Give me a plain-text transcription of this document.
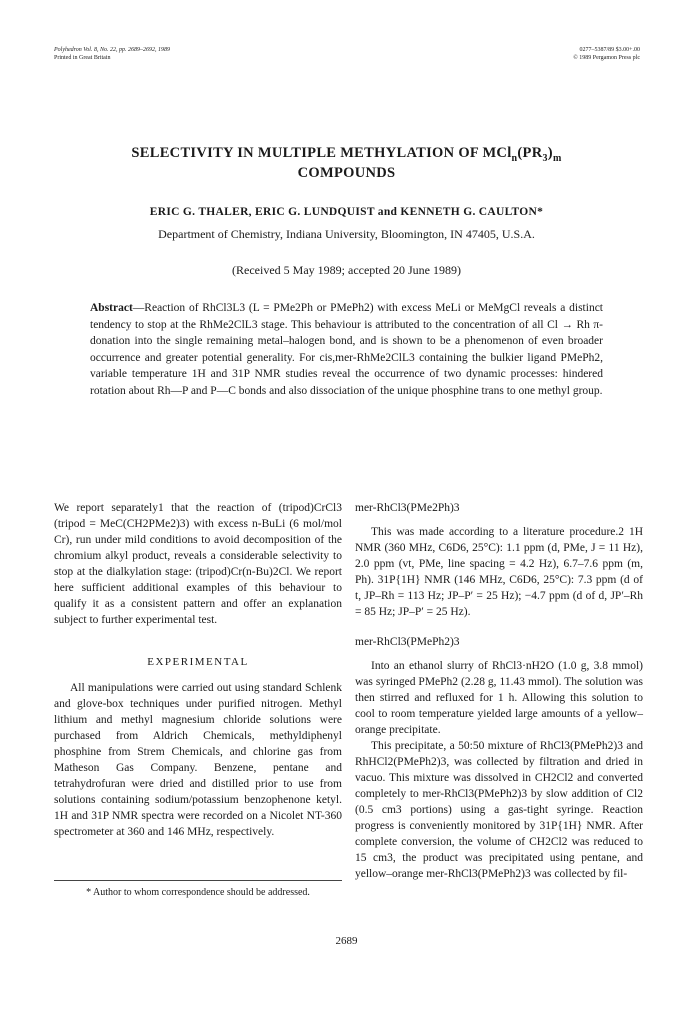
Polyhedron Vol. 8, No. 22, pp. 2689–2692, 1989
Printed in Great Britain
0277–5387/89 $3.00+.00
© 1989 Pergamon Press plc
SELECTIVITY IN MULTIPLE METHYLATION OF $MCl_n(PR_3)_m$
COMPOUNDS
ERIC G. THALER, ERIC G. LUNDQUIST and KENNETH G. CAULTON*
Department of Chemistry, Indiana University, Bloomington, IN 47405, U.S.A.
(Received 5 May 1989; accepted 20 June 1989)
Abstract—Reaction of RhCl3L3 (L = PMe2Ph or PMePh2) with excess MeLi or MeMgCl reveals a distinct tendency to stop at the RhMe2ClL3 stage. This behaviour is attributed to the concentration of all Cl → Rh π-donation into the single remaining metal–halogen bond, and is shown to be a phenomenon of even broader occurrence and greater potential generality. For cis,mer-RhMe2ClL3 containing the bulkier ligand PMePh2, variable temperature 1H and 31P NMR studies reveal the occurrence of two dynamic processes: hindered rotation about Rh—P and P—C bonds and also dissociation of the unique phosphine trans to one methyl group.

We report separately1 that the reaction of (tripod)CrCl3 (tripod = MeC(CH2PMe2)3) with excess n-BuLi (6 mol/mol Cr), run under mild conditions to avoid decomposition of the chromium alkyl product, reveals a considerable selectivity to stop at the dialkylation stage: (tripod)Cr(n-Bu)2Cl. We report here sufficient additional examples of this behaviour to qualify it as a consistent pattern and offer an explanation subject to further experimental test.

EXPERIMENTAL

All manipulations were carried out using standard Schlenk and glove-box techniques under purified nitrogen. Methyl lithium and methyl magnesium chloride solutions were purchased from Aldrich Chemicals, methyldiphenyl phosphine from Strem Chemicals, and chlorine gas from Matheson Gas Company. Benzene, pentane and tetrahydrofuran were dried and distilled prior to use from solutions containing sodium/potassium benzophenone ketyl. 1H and 31P NMR spectra were recorded on a Nicolet NT-360 spectrometer at 360 and 146 MHz, respectively.

mer-RhCl3(PMe2Ph)3

This was made according to a literature procedure.2 1H NMR (360 MHz, C6D6, 25°C): 1.1 ppm (d, PMe, J = 11 Hz), 2.0 ppm (vt, PMe, line spacing = 4.2 Hz), 6.7–7.6 ppm (m, Ph). 31P{1H} NMR (146 MHz, C6D6, 25°C): 7.3 ppm (d of t, JP–Rh = 113 Hz; JP–P′ = 25 Hz); −4.7 ppm (d of d, JP′–Rh = 85 Hz; JP–P′ = 25 Hz).

mer-RhCl3(PMePh2)3

Into an ethanol slurry of RhCl3·nH2O (1.0 g, 3.8 mmol) was syringed PMePh2 (2.28 g, 11.43 mmol). The solution was then stirred and refluxed for 1 h. Allowing this solution to cool to room temperature yielded large amounts of a yellow–orange precipitate.

This precipitate, a 50:50 mixture of RhCl3(PMePh2)3 and RhHCl2(PMePh2)3, was collected by filtration and dried in vacuo. This mixture was dissolved in CH2Cl2 and converted completely to mer-RhCl3(PMePh2)3 by slow addition of Cl2 (0.5 cm3 portions) using a gas-tight syringe. Reaction progress is conveniently monitored by 31P{1H} NMR. After complete conversion, the volume of CH2Cl2 was reduced to 15 cm3, the product was precipitated using pentane, and yellow–orange mer-RhCl3(PMePh2)3 was collected by fil-

* Author to whom correspondence should be addressed.
2689
